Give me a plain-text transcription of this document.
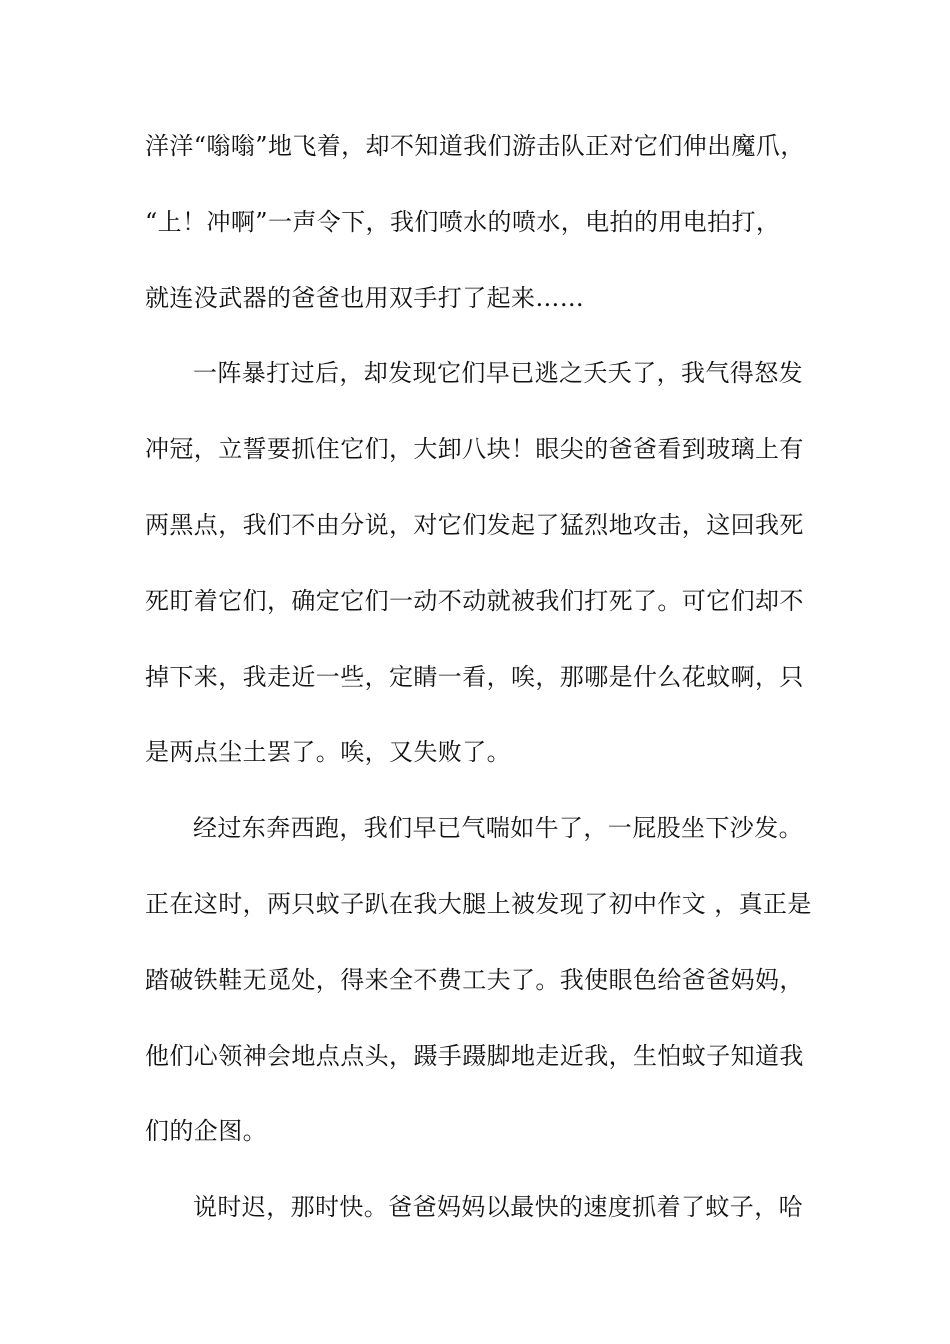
洋洋“嗡嗡”地飞着，却不知道我们游击队正对它们伸出魔爪，
“上！冲啊”一声令下，我们喷水的喷水，电拍的用电拍打，
就连没武器的爸爸也用双手打了起来……
一阵暴打过后，却发现它们早已逃之夭夭了，我气得怒发
冲冠，立誓要抓住它们，大卸八块！眼尖的爸爸看到玻璃上有
两黑点，我们不由分说，对它们发起了猛烈地攻击，这回我死
死盯着它们，确定它们一动不动就被我们打死了。可它们却不
掉下来，我走近一些，定睛一看，唉，那哪是什么花蚊啊，只
是两点尘土罢了。唉，又失败了。
经过东奔西跑，我们早已气喘如牛了，一屁股坐下沙发。
正在这时，两只蚊子趴在我大腿上被发现了初中作文 ，真正是
踏破铁鞋无觅处，得来全不费工夫了。我使眼色给爸爸妈妈，
他们心领神会地点点头，蹑手蹑脚地走近我，生怕蚊子知道我
们的企图。
说时迟，那时快。爸爸妈妈以最快的速度抓着了蚊子，哈
